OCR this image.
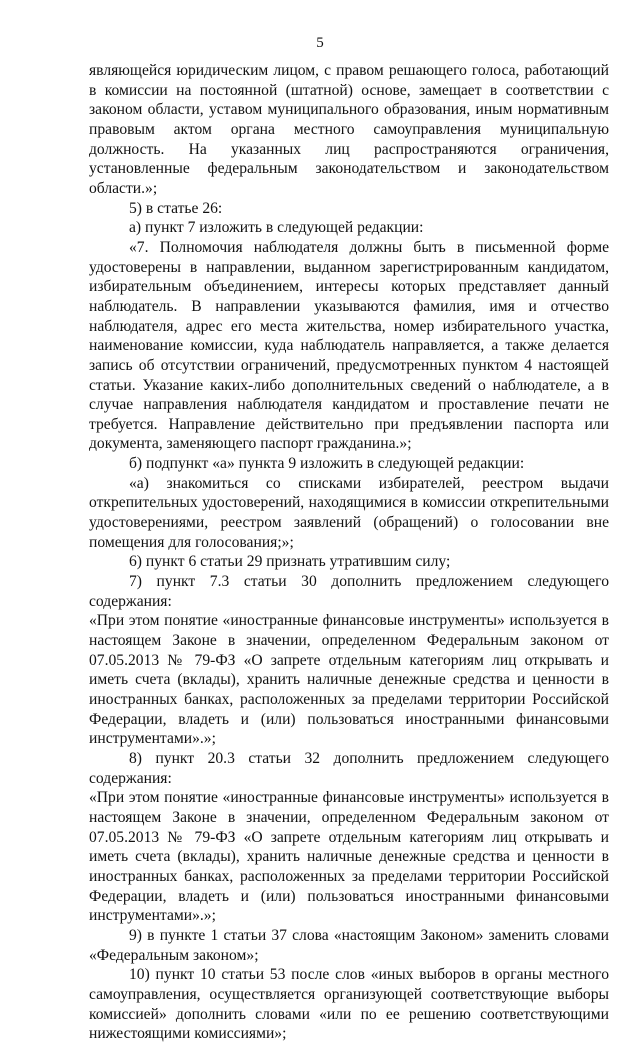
5

являющейся юридическим лицом, с правом решающего голоса, работающий в комиссии на постоянной (штатной) основе, замещает в соответствии с законом области, уставом муниципального образования, иным нормативным правовым актом органа местного самоуправления муниципальную должность. На указанных лиц распространяются ограничения, установленные федеральным законодательством и законодательством области.»;

5) в статье 26:

а) пункт 7 изложить в следующей редакции:

«7. Полномочия наблюдателя должны быть в письменной форме удостоверены в направлении, выданном зарегистрированным кандидатом, избирательным объединением, интересы которых представляет данный наблюдатель. В направлении указываются фамилия, имя и отчество наблюдателя, адрес его места жительства, номер избирательного участка, наименование комиссии, куда наблюдатель направляется, а также делается запись об отсутствии ограничений, предусмотренных пунктом 4 настоящей статьи. Указание каких-либо дополнительных сведений о наблюдателе, а в случае направления наблюдателя кандидатом и проставление печати не требуется. Направление действительно при предъявлении паспорта или документа, заменяющего паспорт гражданина.»;

б) подпункт «а» пункта 9 изложить в следующей редакции:

«а) знакомиться со списками избирателей, реестром выдачи открепительных удостоверений, находящимися в комиссии открепительными удостоверениями, реестром заявлений (обращений) о голосовании вне помещения для голосования;»;

6) пункт 6 статьи 29 признать утратившим силу;

7) пункт 7.3 статьи 30 дополнить предложением следующего содержания:

«При этом понятие «иностранные финансовые инструменты» используется в настоящем Законе в значении, определенном Федеральным законом от 07.05.2013 № 79-ФЗ «О запрете отдельным категориям лиц открывать и иметь счета (вклады), хранить наличные денежные средства и ценности в иностранных банках, расположенных за пределами территории Российской Федерации, владеть и (или) пользоваться иностранными финансовыми инструментами».»;

8) пункт 20.3 статьи 32 дополнить предложением следующего содержания:

«При этом понятие «иностранные финансовые инструменты» используется в настоящем Законе в значении, определенном Федеральным законом от 07.05.2013 № 79-ФЗ «О запрете отдельным категориям лиц открывать и иметь счета (вклады), хранить наличные денежные средства и ценности в иностранных банках, расположенных за пределами территории Российской Федерации, владеть и (или) пользоваться иностранными финансовыми инструментами».»;

9) в пункте 1 статьи 37 слова «настоящим Законом» заменить словами «Федеральным законом»;

10) пункт 10 статьи 53 после слов «иных выборов в органы местного самоуправления, осуществляется организующей соответствующие выборы комиссией» дополнить словами «или по ее решению соответствующими нижестоящими комиссиями»;
